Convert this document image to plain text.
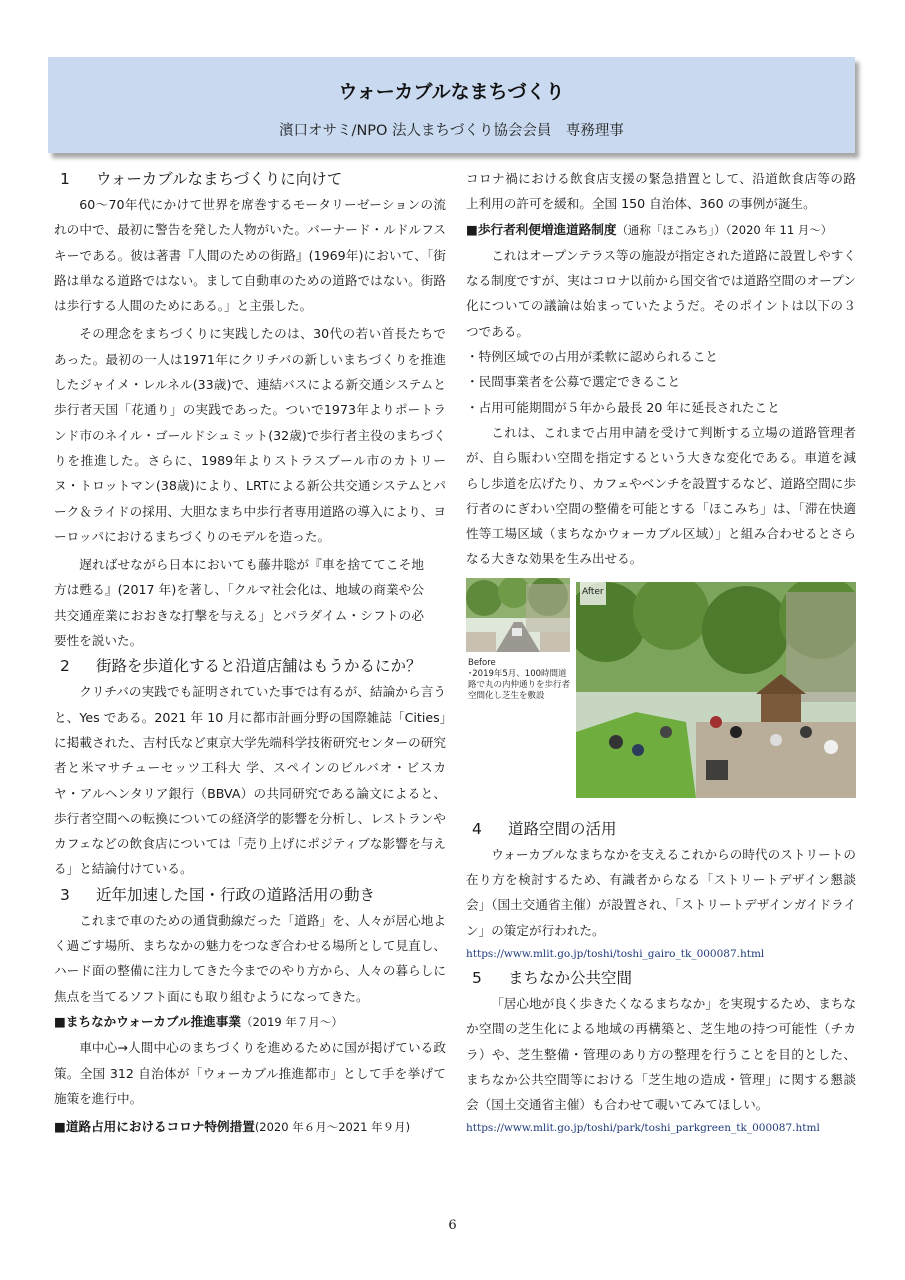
ウォーカブルなまちづくり
濱口オサミ/NPO 法人まちづくり協会会員　専務理事
1 ウォーカブルなまちづくりに向けて

60～70年代にかけて世界を席巻するモータリーゼーションの流れの中で、最初に警告を発した人物がいた。バーナード・ルドルフスキーである。彼は著書『人間のための街路』(1969年)において、「街路は単なる道路ではない。まして自動車のための道路ではない。街路は歩行する人間のためにある。」と主張した。

その理念をまちづくりに実践したのは、30代の若い首長たちであった。最初の一人は1971年にクリチバの新しいまちづくりを推進したジャイメ・レルネル(33歳)で、連結バスによる新交通システムと歩行者天国「花通り」の実践であった。ついで1973年よりポートランド市のネイル・ゴールドシュミット(32歳)で歩行者主役のまちづくりを推進した。さらに、1989年よりストラスブール市のカトリーヌ・トロットマン(38歳)により、LRTによる新公共交通システムとパーク＆ライドの採用、大胆なまち中歩行者専用道路の導入により、ヨーロッパにおけるまちづくりのモデルを造った。

遅ればせながら日本においても藤井聡が『車を捨ててこそ地方は甦る』(2017 年)を著し、「クルマ社会化は、地域の商業や公共交通産業におおきな打撃を与える」とパラダイム・シフトの必要性を説いた。

2 街路を歩道化すると沿道店舗はもうかるにか？

クリチバの実践でも証明されていた事では有るが、結論から言うと、Yes である。2021 年 10 月に都市計画分野の国際雑誌「Cities」に掲載された、吉村氏など東京大学先端科学技術研究センターの研究者と米マサチューセッツ工科大 学、スペインのビルバオ・ビスカヤ・アルヘンタリア銀行（BBVA）の共同研究である論文によると、歩行者空間への転換についての経済学的影響を分析し、レストランやカフェなどの飲食店については「売り上げにポジティブな影響を与える」と結論付けている。

3 近年加速した国・行政の道路活用の動き

これまで車のための通貨動線だった「道路」を、人々が居心地よく過ごす場所、まちなかの魅力をつなぎ合わせる場所として見直し、ハード面の整備に注力してきた今までのやり方から、人々の暮らしに焦点を当てるソフト面にも取り組むようになってきた。

■まちなかウォーカブル推進事業（2019 年７月～）

車中心→人間中心のまちづくりを進めるために国が掲げている政策。全国 312 自治体が「ウォーカブル推進都市」として手を挙げて施策を進行中。

■道路占用におけるコロナ特例措置(2020 年６月～2021 年９月)

コロナ禍における飲食店支援の緊急措置として、沿道飲食店等の路上利用の許可を緩和。全国 150 自治体、360 の事例が誕生。

■歩行者利便増進道路制度（通称「ほこみち」）（2020 年 11 月～）

これはオープンテラス等の施設が指定された道路に設置しやすくなる制度ですが、実はコロナ以前から国交省では道路空間のオープン化についての議論は始まっていたようだ。そのポイントは以下の３つである。

・特例区域での占用が柔軟に認められること
・民間事業者を公募で選定できること
・占用可能期間が５年から最長 20 年に延長されたこと

これは、これまで占用申請を受けて判断する立場の道路管理者が、自ら賑わい空間を指定するという大きな変化である。車道を減らし歩道を広げたり、カフェやベンチを設置するなど、道路空間に歩行者のにぎわい空間の整備を可能とする「ほこみち」は、「滞在快適性等工場区域（まちなかウォーカブル区域）」と組み合わせるとさらなる大きな効果を生み出せる。

Before
･2019年5月、100時間道路で丸の内仲通りを歩行者空間化し芝生を敷設
After
4 道路空間の活用

ウォーカブルなまちなかを支えるこれからの時代のストリートの在り方を検討するため、有識者からなる「ストリートデザイン懇談会」（国土交通省主催）が設置され、「ストリートデザインガイドライン」の策定が行われた。

https://www.mlit.go.jp/toshi/toshi_gairo_tk_000087.html

5 まちなか公共空間

「居心地が良く歩きたくなるまちなか」を実現するため、まちなか空間の芝生化による地域の再構築と、芝生地の持つ可能性（チカラ）や、芝生整備・管理のあり方の整理を行うことを目的とした、まちなか公共空間等における「芝生地の造成・管理」に関する懇談会（国土交通省主催）も合わせて覗いてみてほしい。

https://www.mlit.go.jp/toshi/park/toshi_parkgreen_tk_000087.html

6
